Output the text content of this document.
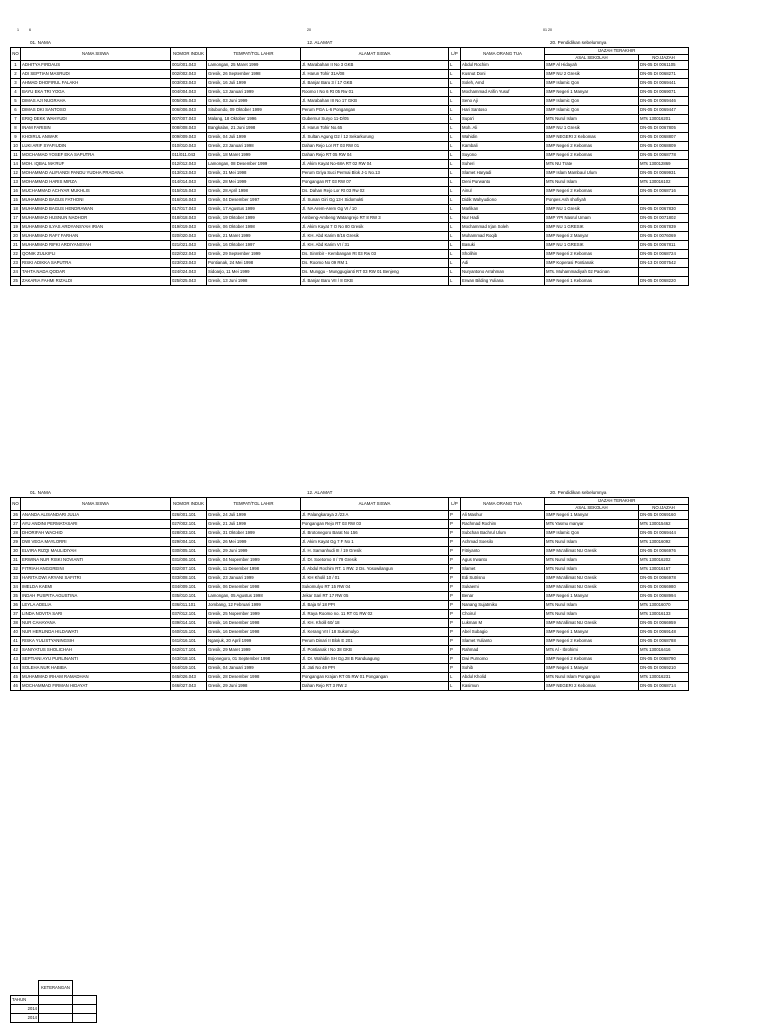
1	6	20	01 20
01. NAMA	12. ALAMAT	20. Pendidikan sebelumnya
NO	NAMA SISWA	NOMOR INDUK	TEMPAT/TGL LAHIR	ALAMAT SISWA	L/P	NAMA ORANG TUA	IJAZAH TERAKHIR	
							ASAL SEKOLAH	NO.IJAZAH
1	ADHITYA FIRDAUS	001/001.043	Lamongan, 25 Maret 1999	Jl. Marabahan II No 3 GKB	L	Abdul Rochim	SMP Al Hidayah	DN-05 DI 0061105
2	ADI SEPTIAN MASRUDI	002/002.043	Gresik, 26 September 1998	Jl. Harun Tohir 31A/08	L	Kusnut Doni	SMP NU 2 Gresik	DN-05 DI 0068271
3	AHMAD DHOFIRUL FALAKH	003/003.043	Gresik, 16 Juli 1999	Jl. Banjar Baru 3 / 17 GKB	L	Soleh, Amd	SMP Islamic Qon	DN-05 DI 0069441
4	BAYU EKA TRI YOGA	004/004.043	Gresik, 13 Januari 1999	Roomo I No 6 Rt 05 Rw 01	L	Mochammad Arifin Yusuf	SMP Negeri 1 Manyar	DN-05 DI 0069071
5	DIMAS AJI NUGRAHA	005/005.043	Gresik, 03 Juni 1999	Jl. Marabahan III No 17 GKB	L	Seno Aji	SMP Islamic Qon	DN-05 DI 0069446
6	DIMAS DKI SANTOSO	006/006.043	Situbondo, 09 Oktober 1999	Perum PGA L-6 Pongangan	L	Hari Santoso	SMP Islamic Qon	DN-05 DI 0069447
7	ERIQ DEKK WAHYUDI	007/007.043	Malang, 18 Oktober 1996	Gubernur Suryo 11-D/05	L	Supa'i	MTs Nurul Islam	MTs 130016201
8	INAM FARISIN	008/008.043	Bangkalan, 21 Juni 1998	Jl. Harun Tohir No.65	L	Moh. Ali	SMP NU 1 Gresik	DN-05 DI 0067805
9	KHOIRUL ANWAR	009/009.043	Gresik, 04 Juli 1999	Jl. Sultan Agung D2 / 12 Sekarkurung	L	Wahidin	SMP NEGERI 2 Kebomas	DN-05 DI 0068807
10	LUKI ARIF SYAFIUDIN	010/010.043	Gresik, 23 Januari 1998	Dahan Rejo Lor RT 03 RW 01	L	Kambali	SMP Negeri 2 Kebomas	DN-05 DI 0068809
11	MOCHAMAD YOSEF EKA SAPUTRA	011/011.043	Gresik, 18 Maret 1999	Dahan Rejo RT 05 RW 04	L	Suyono	SMP Negeri 2 Kebomas	DN-05 DI 0068778
14	MOH. IQBAL MA'RUF	012/012.043	Lamongan, 08 Desember 1999	Jl. Akim Kayat No-68A RT 02 RW 04	L	Suheri	MTs NU Trate	MTs 130012869
12	MOHAMMAD ALIFIANDI PANDU YUDHA PRADANA	013/013.043	Gresik, 31 Mei 1998	Perum Griya Suci Permai Blok J-1 No.13	L	Slamet Haryadi	SMP Islam Mambaul Ulum	DN-05 DI 0069931
13	MOHAMMAD HARIS MIRZA	014/014.043	Gresik, 28 Mei 1999	Pongangan RT 03 RW 07	L	Deni Purwanto	MTs Nurul Islam	MTs 130016102
16	MUCHAMMAD ACHYAR MUKHLIS	015/015.043	Gresik, 28 April 1998	Ds. Dahan Rejo Lor Rt 03 Rw 02	L	Ainul	SMP Negeri 2 Kebomas	DN-05 DI 0068716
15	MUHAMMAD BAGUS FATHONI	016/016.043	Gresik, 04 Desember 1997	Jl. Sunan Giri Gg 13-I Sidomukti	L	Didik Wahyudiono	Ponpes Ash shofiyah	
18	MUHAMMAD BAGUS HENDRAWAN	017/017.043	Gresik, 17 Agustus 1999	Jl. NA Arem-Arem Gg VI / 10	L	Marlikan	SMP NU 1 Gresik	DN-05 DI 0067830
17	MUHAMMAD HUSNUN NADHOR	018/018.043	Gresik, 19 Oktober 1999	Ambeng-Ambeng Watangrejo RT 8 RW 3	L	Nur Hadi	SMP YPI Nasrul Umam	DN-05 DI 0071802
19	MUHAMMAD ILYAS ARDYANSYAH IRIAN	019/019.043	Gresik, 06 Oktober 1998	Jl. Akim Kayat 7 O No 80 Gresik	L	Mochammad Irjan Soleh	SMP NU 1 GRESIK	DN-05 DI 0067839
20	MUHAMMAD RAFI' FARHAN	020/020.043	Gresik, 21 Maret 1999	Jl. KH. Abd Karim 8/16 Gresik	L	Muhammad Roqib	SMP Negeri 2 Manyar	DN-05 DI 0076069
21	MUHAMMAD RIFKI ARDIYANSYAH	021/021.043	Gresik, 16 Oktober 1997	Jl. KH. Abd Karim VI / 31	L	Basuki	SMP NU 1 GRESIK	DN-05 DI 0067811
22	QONIK ZULKIFLI	022/022.043	Gresik, 29 September 1999	Ds. Sinmbir - Kembangan Rt 03 Rw 03	L	Sholihin	SMP Negeri 2 Kebomas	DN-05 DI 0068724
23	RISKI ADIKKA SAPUTRA	023/023.043	Pontianak, 24 Mei 1998	Ds. Roomo No 09 RM 1	L	Adi	SMP Koperasi Pontianak	DN-13 DI 0007542
24	TAHTA NADA QODAR	024/024.043	Sidoarjo, 11 Mei 1999	Ds. Munggu - Munggugianti RT 03 RW 01 Benjeng	L	Nuryantono Arrahman	MTs. Muhammadiyah 02 Pacinan	
25	ZAKARIA FAHMI RIZALDI	025/025.043	Gresik, 13 Juni 1998	Jl. Banjar Baru VII / 8 GKB	L	Erwan Bilding Yuliana	SMP Negeri 1 Kebomas	DN-05 DI 0068220
01. NAMA	12. ALAMAT	20. Pendidikan sebelumnya
NO	NAMA SISWA	NOMOR INDUK	TEMPAT/TGL LAHIR	ALAMAT SISWA	L/P	NAMA ORANG TUA	IJAZAH TERAKHIR	
							ASAL SEKOLAH	NO.IJAZAH
26	ANANDA ALISANDARI JULIA	026/001.101	Gresik, 24 Juli 1999	Jl. Palangkaraya 2 /23 A	P	Ali Mashur	SMP Negeri 1 Manyar	DN-05 DI 0069160
27	AYU ANDINI PERMATASARI	027/002.101	Gresik, 21 Juli 1999	Pongangan Rejo RT 03 RW 03	P	Rachmad Rochim	MTs Yasmu manyar	MTs 130015462
28	DHORIFAH WACHID	028/003.101	Gresik, 31 Oktober 1999	Jl. Brotonegoro Barat No 156	P	Subchan Bachrul Ulum	SMP Islamic Qon	DN-05 DI 0069444
29	DWI VEGA MAYLORRI	029/004.101	Gresik, 26 Mei 1999	Jl. Akim Kayat Gg 7 F No 1	P	Achmad Soesilo	MTs Nurul Islam	MTs 130016092
30	ELVIRA RIZQI MAULIDIYAH	030/005.101	Gresik, 29 Juni 1999	Jl. H. Samanhudi III / 19 Gresik	P	Fitriyanto	SMP Mu'allimat NU Gresik	DN-05 DI 0066976
31	ERWINA NUR RISKI NOVIANTI	031/006.101	Gresik, 04 Nopember 1999	Jl. Dr. Soetomo II / 79 Gresik	P	Agus Irwanto	MTs Nurul Islam	MTs 130016202
32	FITRIAH ANGGREINI	032/007.101	Gresik, 11 Desember 1998	Jl. Abdul Rochim RT. 1 RW. 2 Ds. Yosowilangun	P	Slamet	MTs Nurul Islam	MTs 130016167
33	HARITA DWI ARYANI SAFITRI	033/008.101	Gresik, 23 Januari 1999	Jl. KH Kholil 10 / 01	P	Edi Sutrisno	SMP Mu'allimat NU Gresik	DN-05 DI 0066978
34	IMELDA KAEMI	034/009.101	Gresik, 06 Desember 1998	Sukomulyo RT 15 RW 04	P	Sukaemi	SMP Mu'allimat NU Gresik	DN-05 DI 0066980
35	INDAH PUSPITA AGUSTINA	035/010.101	Lamongan, 05 Agustus 1998	Jekar Sari RT 17 RW 05	P	Benar	SMP Negeri 1 Manyar	DN-05 DI 0068994
36	LEYLA ADELIA	036/011.101	Jombang, 12 Februari 1999	Jl. Baja 9/ 18 PPI	P	Nanang Sujatmiko	MTs Nurul Islam	MTs 130016070
37	LINDA NOVITA SARI	037/012.101	Gresik, 25 Nopember 1999	Jl. Raya Roomo no. 11 RT 01 RW 02	P	Choirul	MTs Nurul Islam	MTs 130016133
38	NUR CAHAYANA	039/014.101	Gresik, 16 Desember 1998	Jl. KH. Kholil 60/ 18	P	Lukman M	SMP Mu'allimat NU Gresik	DN-05 DI 0066959
40	NUR HERLINDA HILDAWATI	040/015.101	Gresik, 16 Desember 1998	Jl. Kerang VII / 18 Sukomulyo	P	Abel Subagio	SMP Negeri 1 Manyar	DN-05 DI 0069148
41	RISKA YULISTYANINGSIH	041/016.101	Nganjuk, 20 April 1999	Perum Dinari II Blok E 201	P	Slamet Yulianto	SMP Negeri 2 Kebomas	DN-05 DI 0068788
42	SANIYATUS SHOLICHAH	042/017.101	Gresik, 29 Maret 1999	Jl. Pontianak I No 38 GKB	P	Rahmad	MTs Al - Ibrohimi	MTs 130016416
43	SEPTIANI AYU PURLINANTI	043/018.101	Bojonegoro, 01 September 1998	Jl. Dr. Wahidin SH Gg.28 B Randuagung	P	Dwi Purnomo	SMP Negeri 2 Kebomas	DN-05 DI 0068790
44	SOLEHA NUR HABIBA	044/019.101	Gresik, 04 Januari 1999	Jl. Jati No 49 PPI	P	Sohib	SMP Negeri 1 Manyar	DN-05 DI 0069210
45	MUHAMMAD IRHAM RAMADHAN	045/026.043	Gresik, 28 Desember 1998	Pongangan Krajan RT 05 RW 01 Pongangan	L	Abdul Kholid	MTs Nurul Islam Pongangan	MTs 130016231
46	MOCHAMMAD FIRMAN HIDAYAT	046/027.043	Gresik, 29 Juni 1998	Dahan Rejo RT 3 RW 2	L	Kasimun	SMP NEGERI 2 Kebomas	DN-05 DI 0068714
	KETERANGAN	
TAHUN		
2014		
2014		
